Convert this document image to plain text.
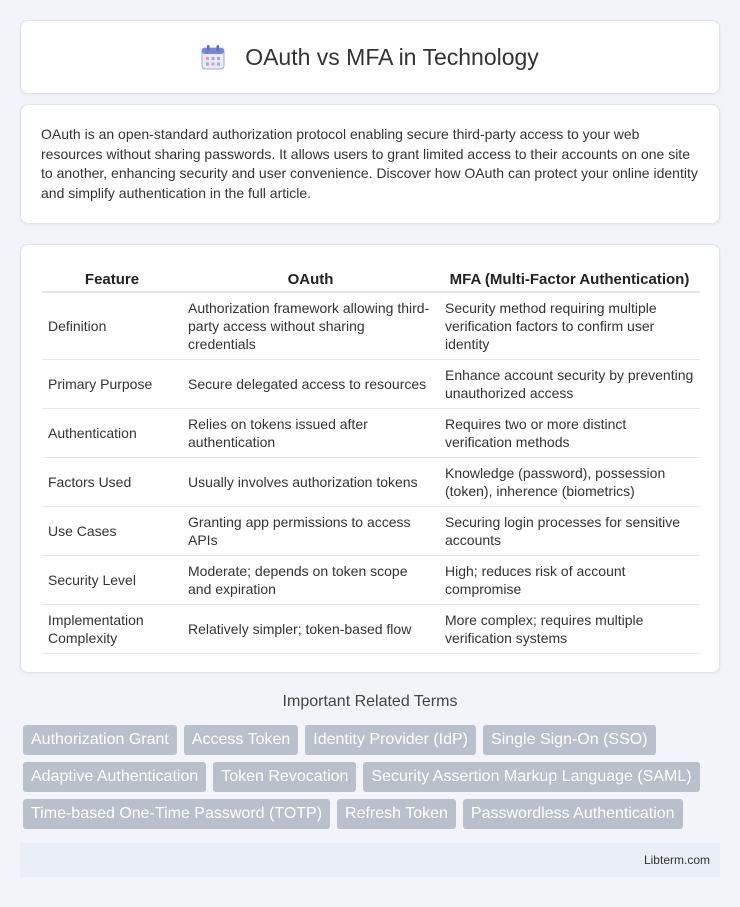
OAuth vs MFA in Technology

OAuth is an open-standard authorization protocol enabling secure third-party access to your web resources without sharing passwords. It allows users to grant limited access to their accounts on one site to another, enhancing security and user convenience. Discover how OAuth can protect your online identity and simplify authentication in the full article.

Feature	OAuth	MFA (Multi-Factor Authentication)
Definition	Authorization framework allowing third-party access without sharing credentials	Security method requiring multiple verification factors to confirm user identity
Primary Purpose	Secure delegated access to resources	Enhance account security by preventing unauthorized access
Authentication	Relies on tokens issued after authentication	Requires two or more distinct verification methods
Factors Used	Usually involves authorization tokens	Knowledge (password), possession (token), inherence (biometrics)
Use Cases	Granting app permissions to access APIs	Securing login processes for sensitive accounts
Security Level	Moderate; depends on token scope and expiration	High; reduces risk of account compromise
Implementation Complexity	Relatively simpler; token-based flow	More complex; requires multiple verification systems
Important Related Terms
Authorization Grant	Access Token	Identity Provider (IdP)	Single Sign-On (SSO)
Adaptive Authentication	Token Revocation	Security Assertion Markup Language (SAML)
Time-based One-Time Password (TOTP)	Refresh Token	Passwordless Authentication
Libterm.com
